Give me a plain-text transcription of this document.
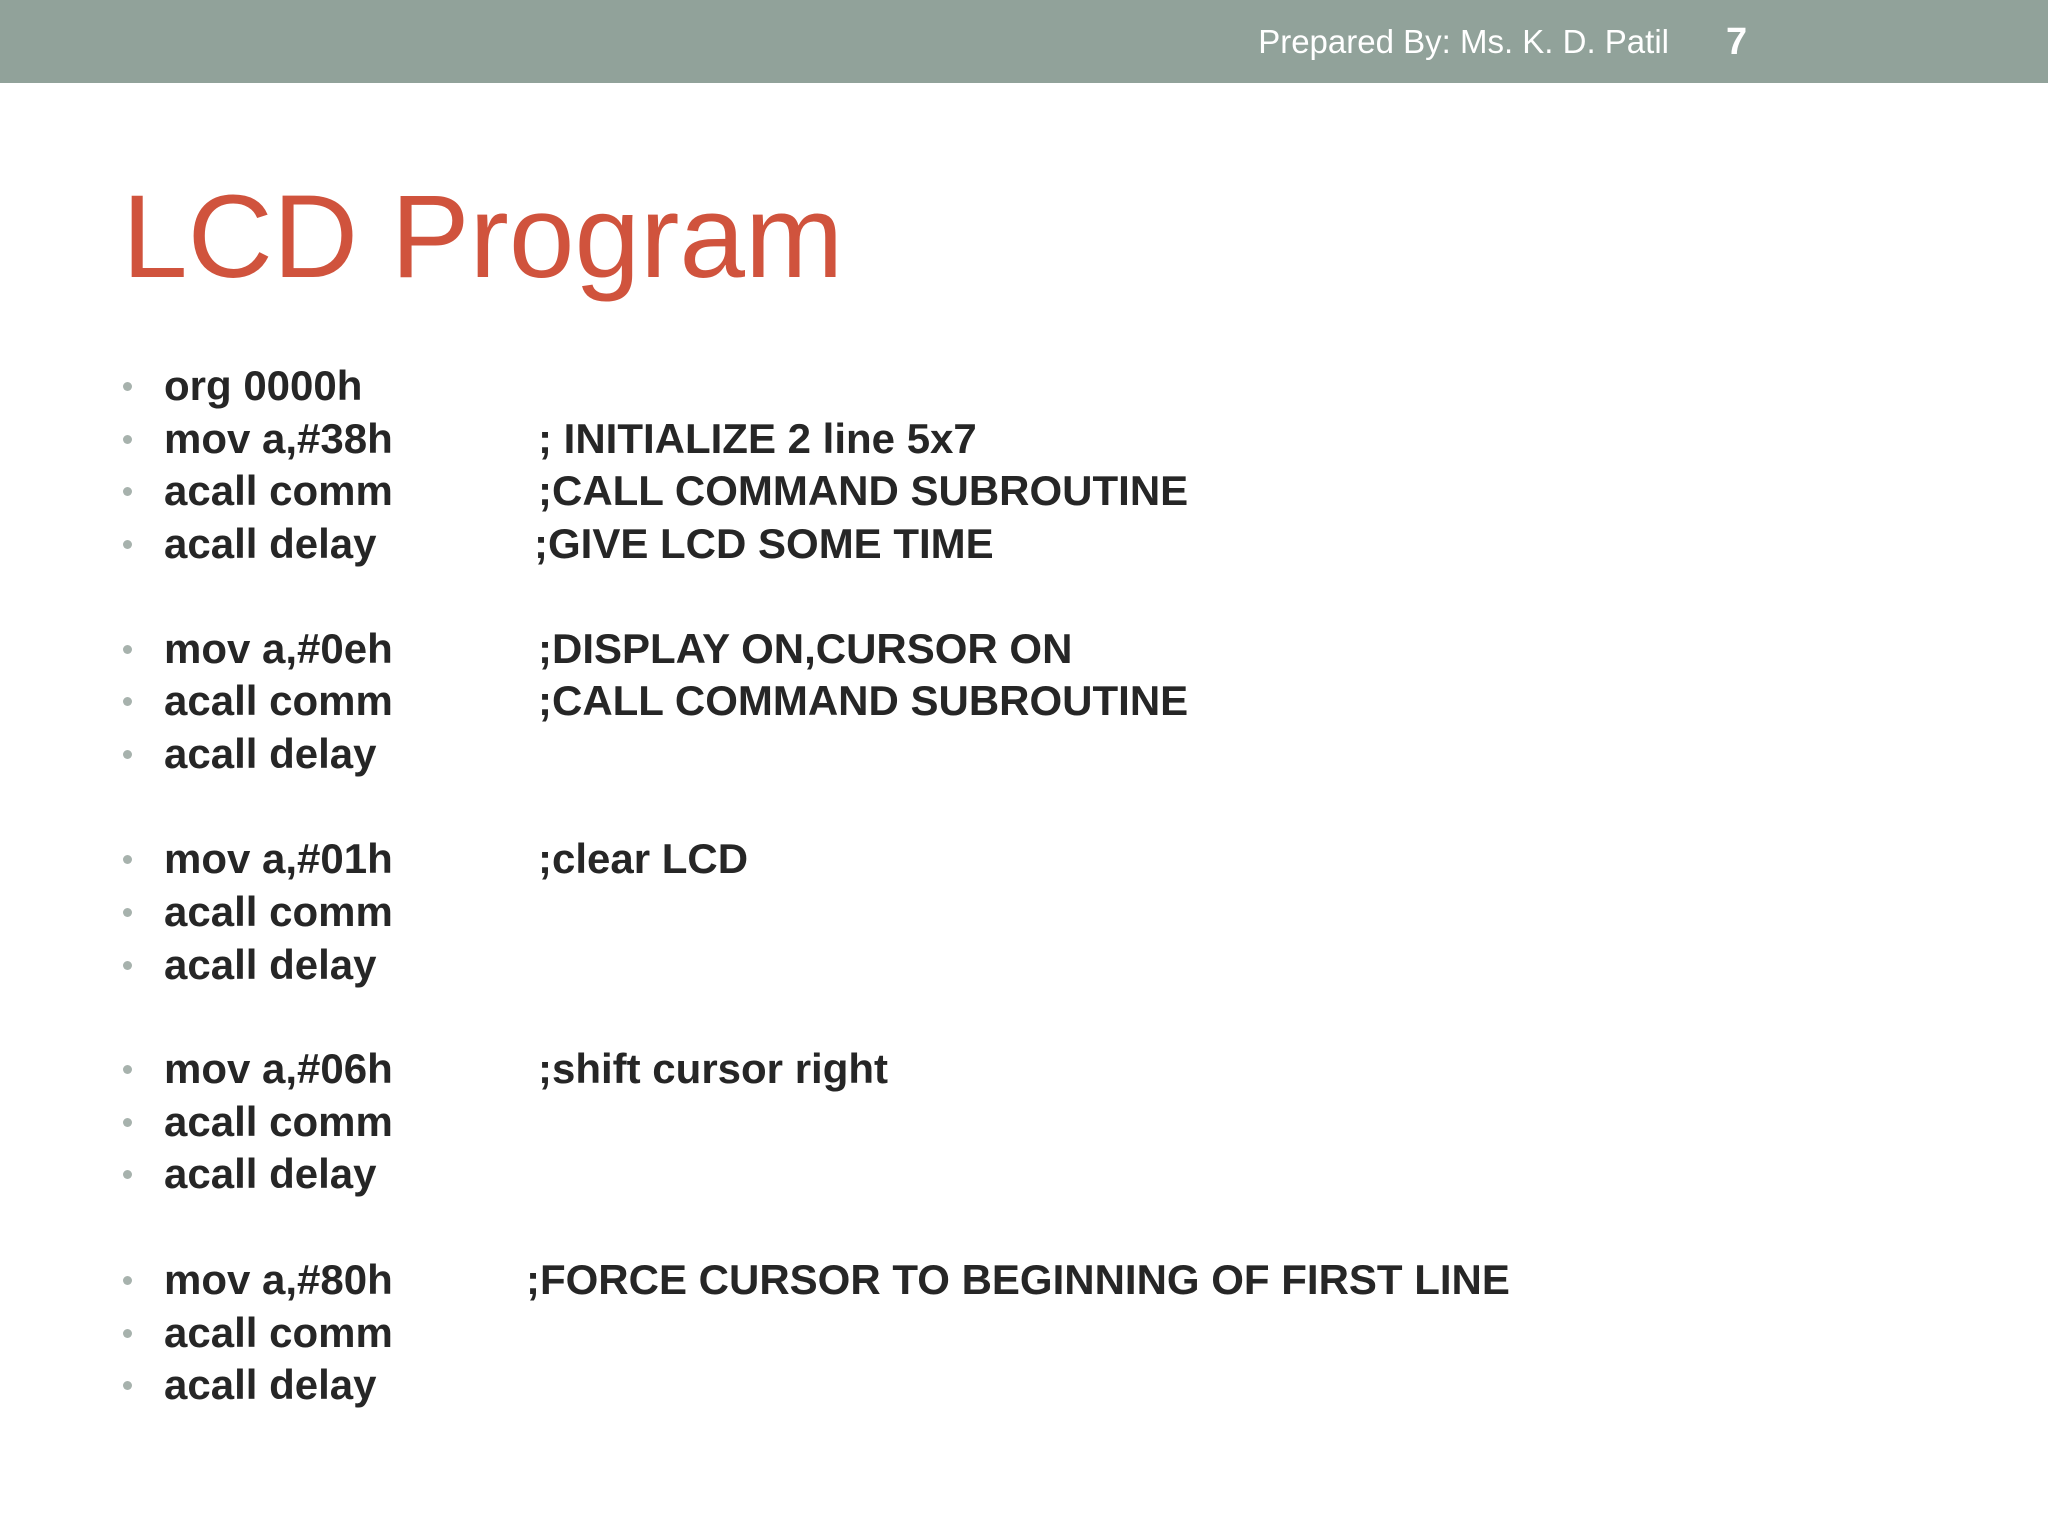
Prepared By: Ms. K. D. Patil 7
LCD Program
org 0000h
mov a,#38h	; INITIALIZE 2 line 5x7
acall comm	;CALL COMMAND SUBROUTINE
acall delay	;GIVE LCD SOME TIME
mov a,#0eh	;DISPLAY ON,CURSOR ON
acall comm	;CALL COMMAND SUBROUTINE
acall delay
mov a,#01h	;clear LCD
acall comm
acall delay
mov a,#06h	;shift cursor right
acall comm
acall delay
mov a,#80h	;FORCE CURSOR TO BEGINNING OF FIRST LINE
acall comm
acall delay
